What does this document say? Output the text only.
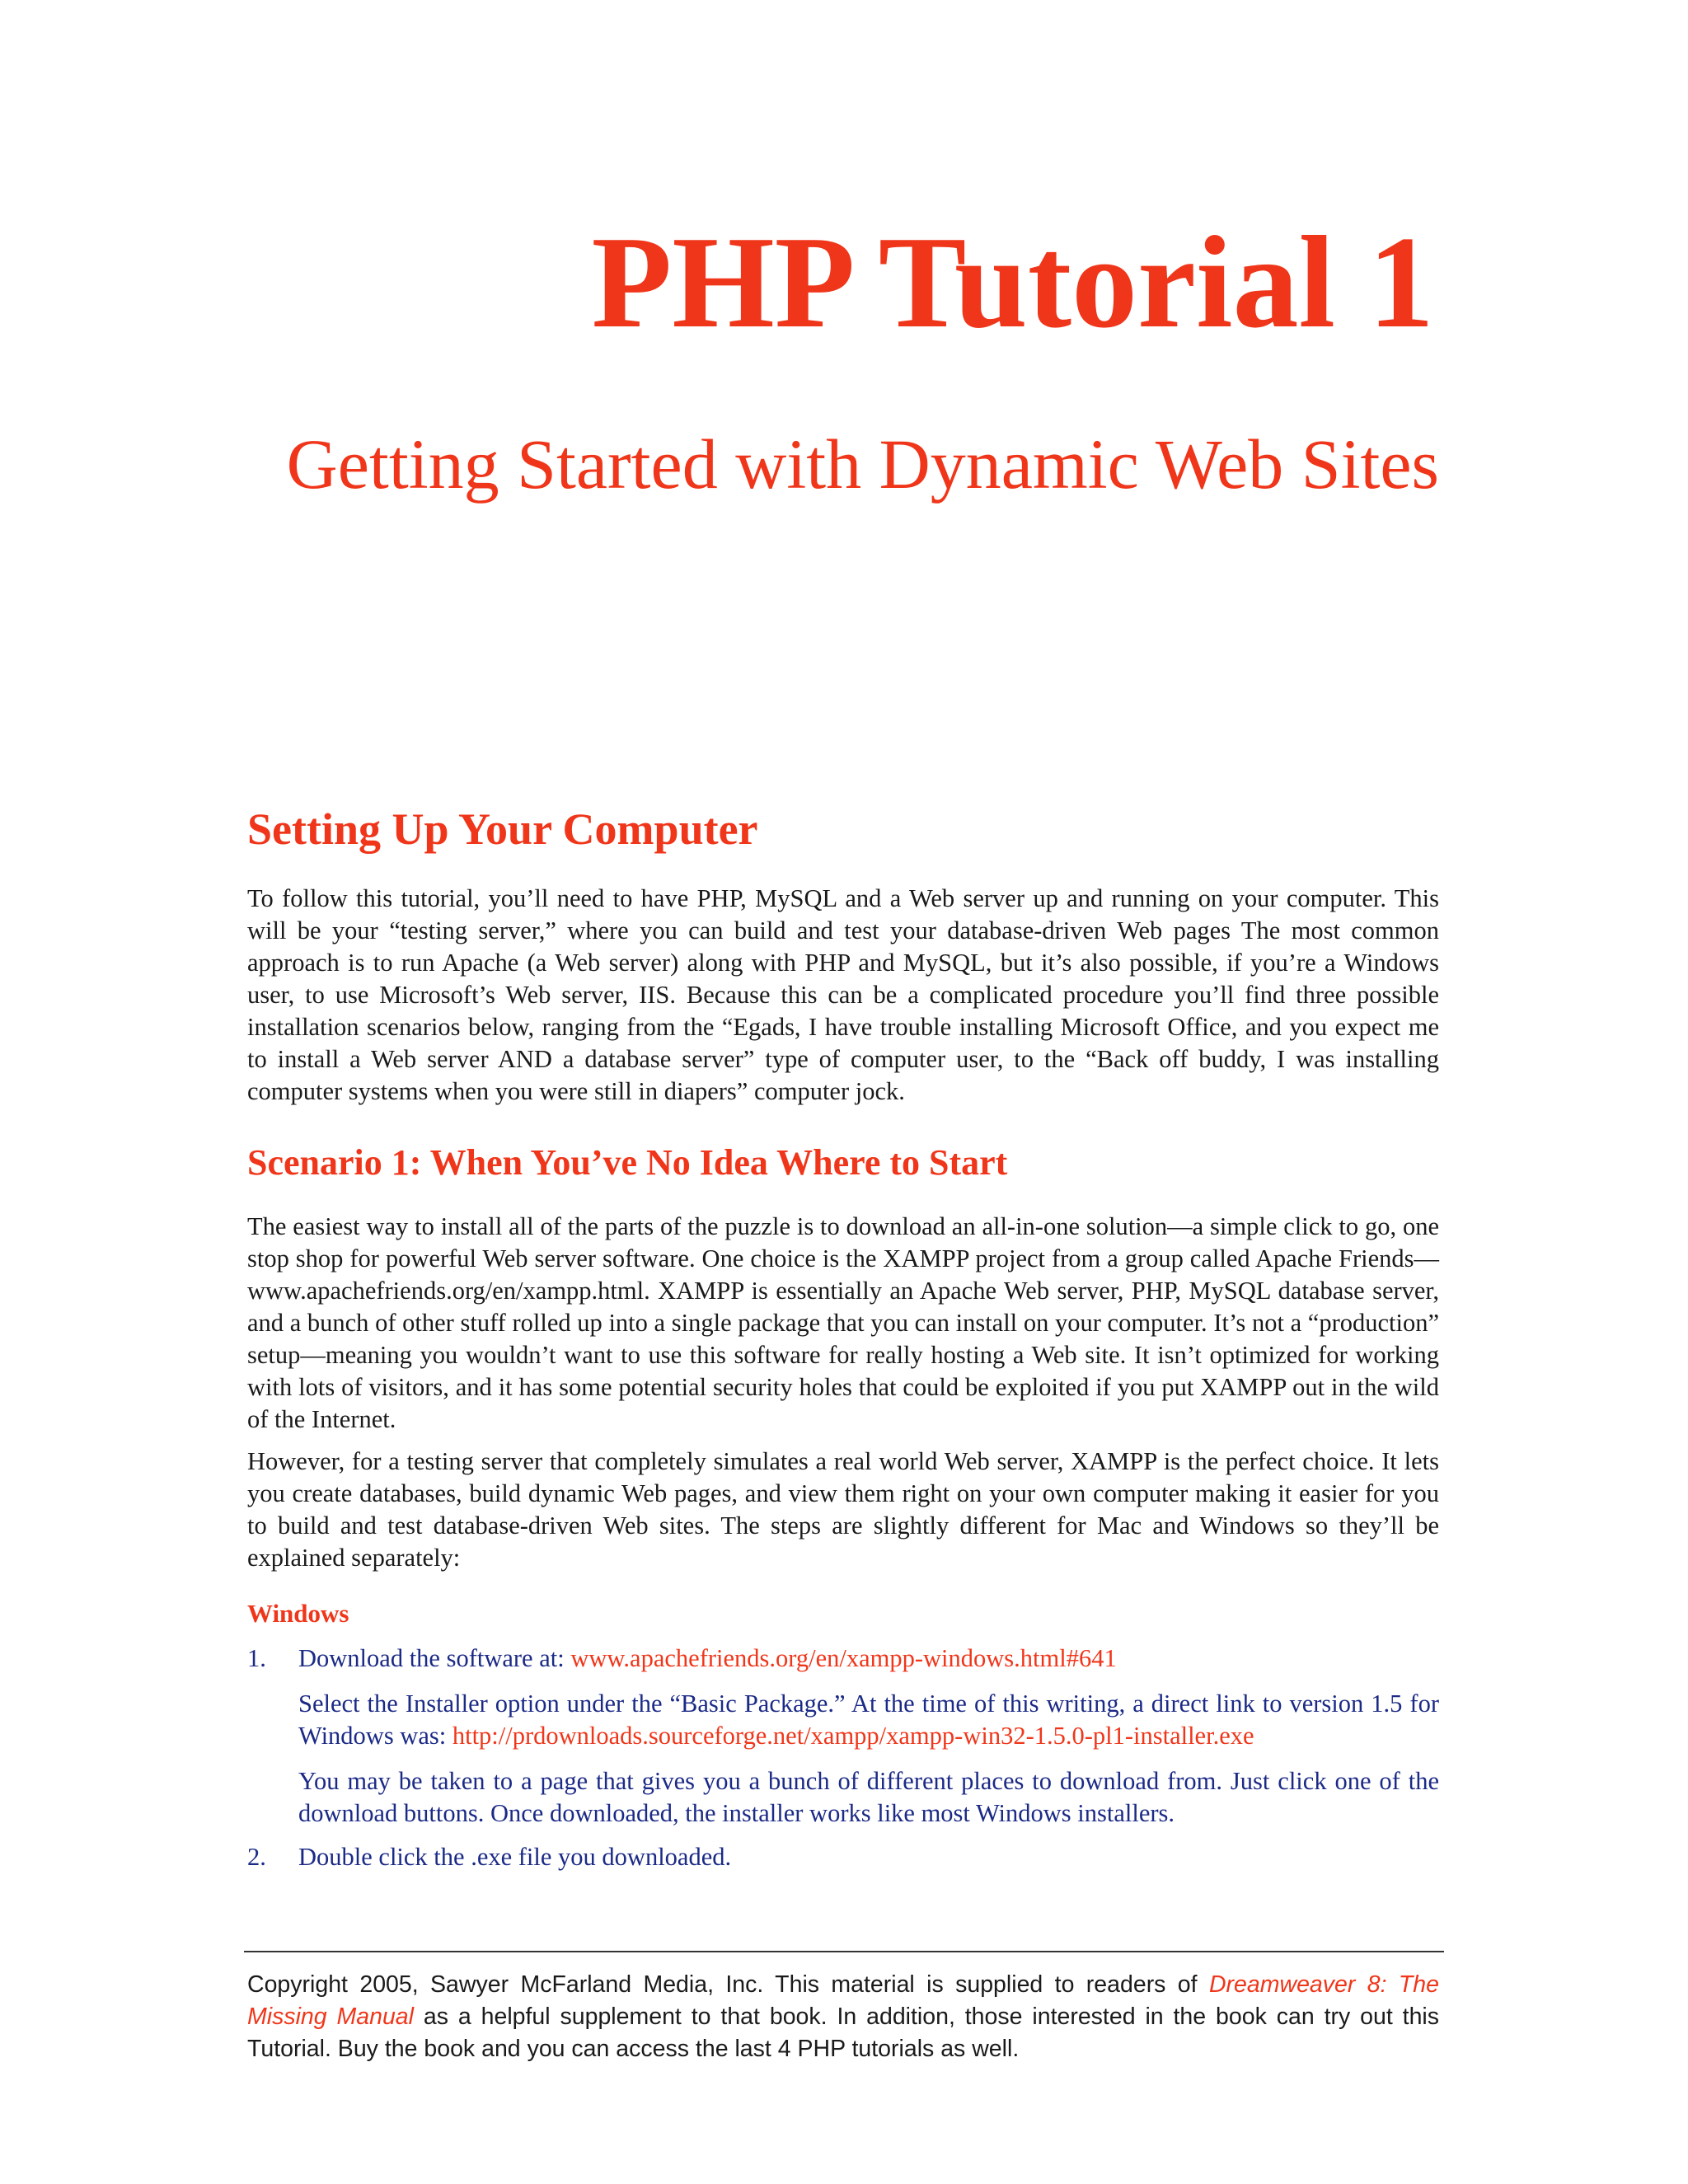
PHP Tutorial 1
Getting Started with Dynamic Web Sites
Setting Up Your Computer

To follow this tutorial, you’ll need to have PHP, MySQL and a Web server up and running on your computer. This will be your “testing server,” where you can build and test your database-driven Web pages The most common approach is to run Apache (a Web server) along with PHP and MySQL, but it’s also possible, if you’re a Windows user, to use Microsoft’s Web server, IIS. Because this can be a complicated procedure you’ll find three possible installation scenarios below, ranging from the “Egads, I have trouble installing Microsoft Office, and you expect me to install a Web server AND a database server” type of computer user, to the “Back off buddy, I was installing computer systems when you were still in diapers” computer jock.

Scenario 1: When You’ve No Idea Where to Start

The easiest way to install all of the parts of the puzzle is to download an all-in-one solution—a simple click to go, one stop shop for powerful Web server software. One choice is the XAMPP project from a group called Apache Friends—www.apachefriends.org/en/xampp.html. XAMPP is essentially an Apache Web server, PHP, MySQL database server, and a bunch of other stuff rolled up into a single package that you can install on your computer. It’s not a “production” setup—meaning you wouldn’t want to use this software for really hosting a Web site. It isn’t optimized for working with lots of visitors, and it has some potential security holes that could be exploited if you put XAMPP out in the wild of the Internet.

However, for a testing server that completely simulates a real world Web server, XAMPP is the perfect choice. It lets you create databases, build dynamic Web pages, and view them right on your own computer making it easier for you to build and test database-driven Web sites. The steps are slightly different for Mac and Windows so they’ll be explained separately:

Windows
1. Download the software at: www.apachefriends.org/en/xampp-windows.html#641

Select the Installer option under the “Basic Package.” At the time of this writing, a direct link to version 1.5 for Windows was: http://prdownloads.sourceforge.net/xampp/xampp-win32-1.5.0-pl1-installer.exe

You may be taken to a page that gives you a bunch of different places to download from. Just click one of the download buttons. Once downloaded, the installer works like most Windows installers.

2. Double click the .exe file you downloaded.

Copyright 2005, Sawyer McFarland Media, Inc. This material is supplied to readers of Dreamweaver 8: The Missing Manual as a helpful supplement to that book. In addition, those interested in the book can try out this Tutorial. Buy the book and you can access the last 4 PHP tutorials as well.
